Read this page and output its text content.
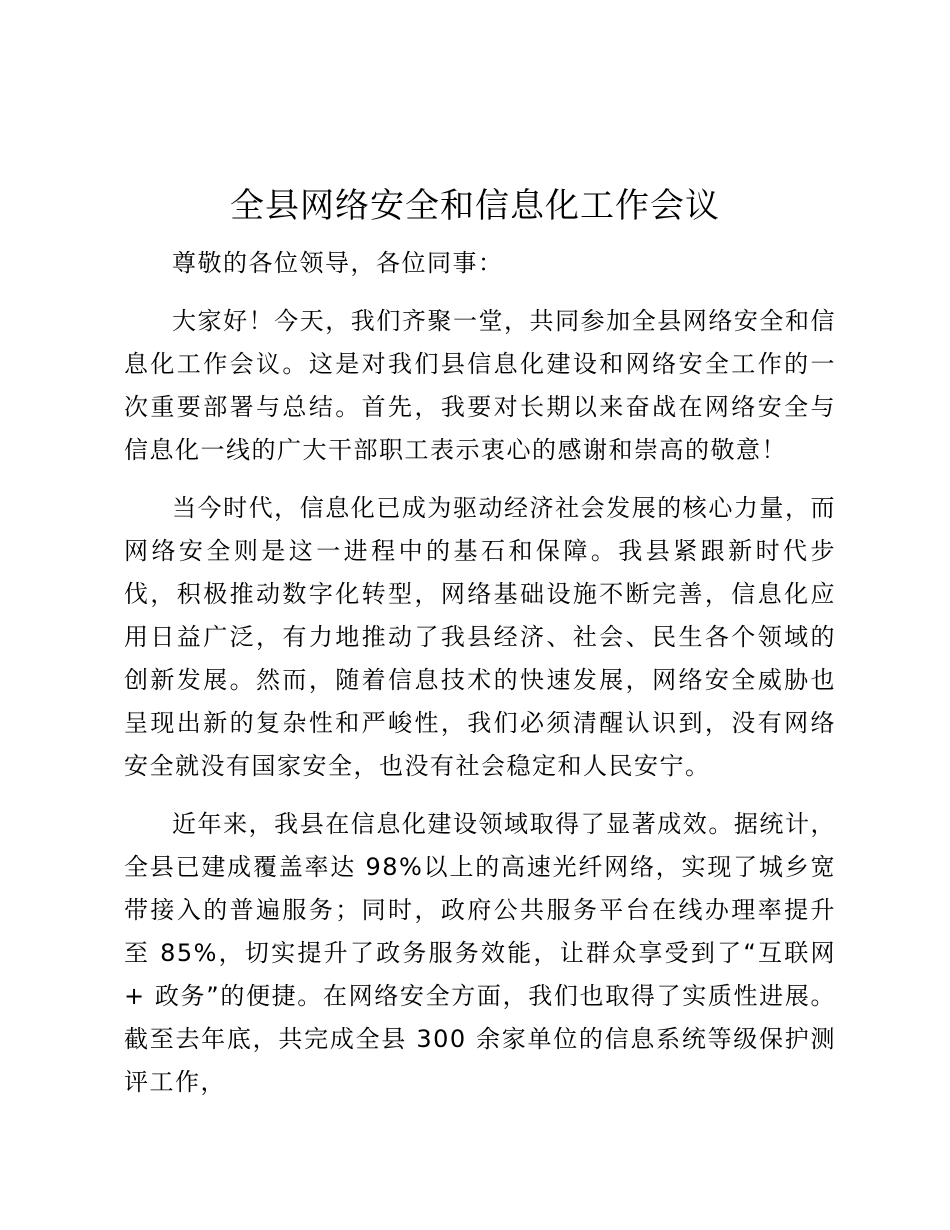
全县网络安全和信息化工作会议

尊敬的各位领导，各位同事：

大家好！今天，我们齐聚一堂，共同参加全县网络安全和信息化工作会议。这是对我们县信息化建设和网络安全工作的一次重要部署与总结。首先，我要对长期以来奋战在网络安全与信息化一线的广大干部职工表示衷心的感谢和崇高的敬意！

当今时代，信息化已成为驱动经济社会发展的核心力量，而网络安全则是这一进程中的基石和保障。我县紧跟新时代步伐，积极推动数字化转型，网络基础设施不断完善，信息化应用日益广泛，有力地推动了我县经济、社会、民生各个领域的创新发展。然而，随着信息技术的快速发展，网络安全威胁也呈现出新的复杂性和严峻性，我们必须清醒认识到，没有网络安全就没有国家安全，也没有社会稳定和人民安宁。

近年来，我县在信息化建设领域取得了显著成效。据统计，全县已建成覆盖率达 98%以上的高速光纤网络，实现了城乡宽带接入的普遍服务；同时，政府公共服务平台在线办理率提升至 85%，切实提升了政务服务效能，让群众享受到了“互联网 + 政务”的便捷。在网络安全方面，我们也取得了实质性进展。截至去年底，共完成全县 300 余家单位的信息系统等级保护测评工作，
